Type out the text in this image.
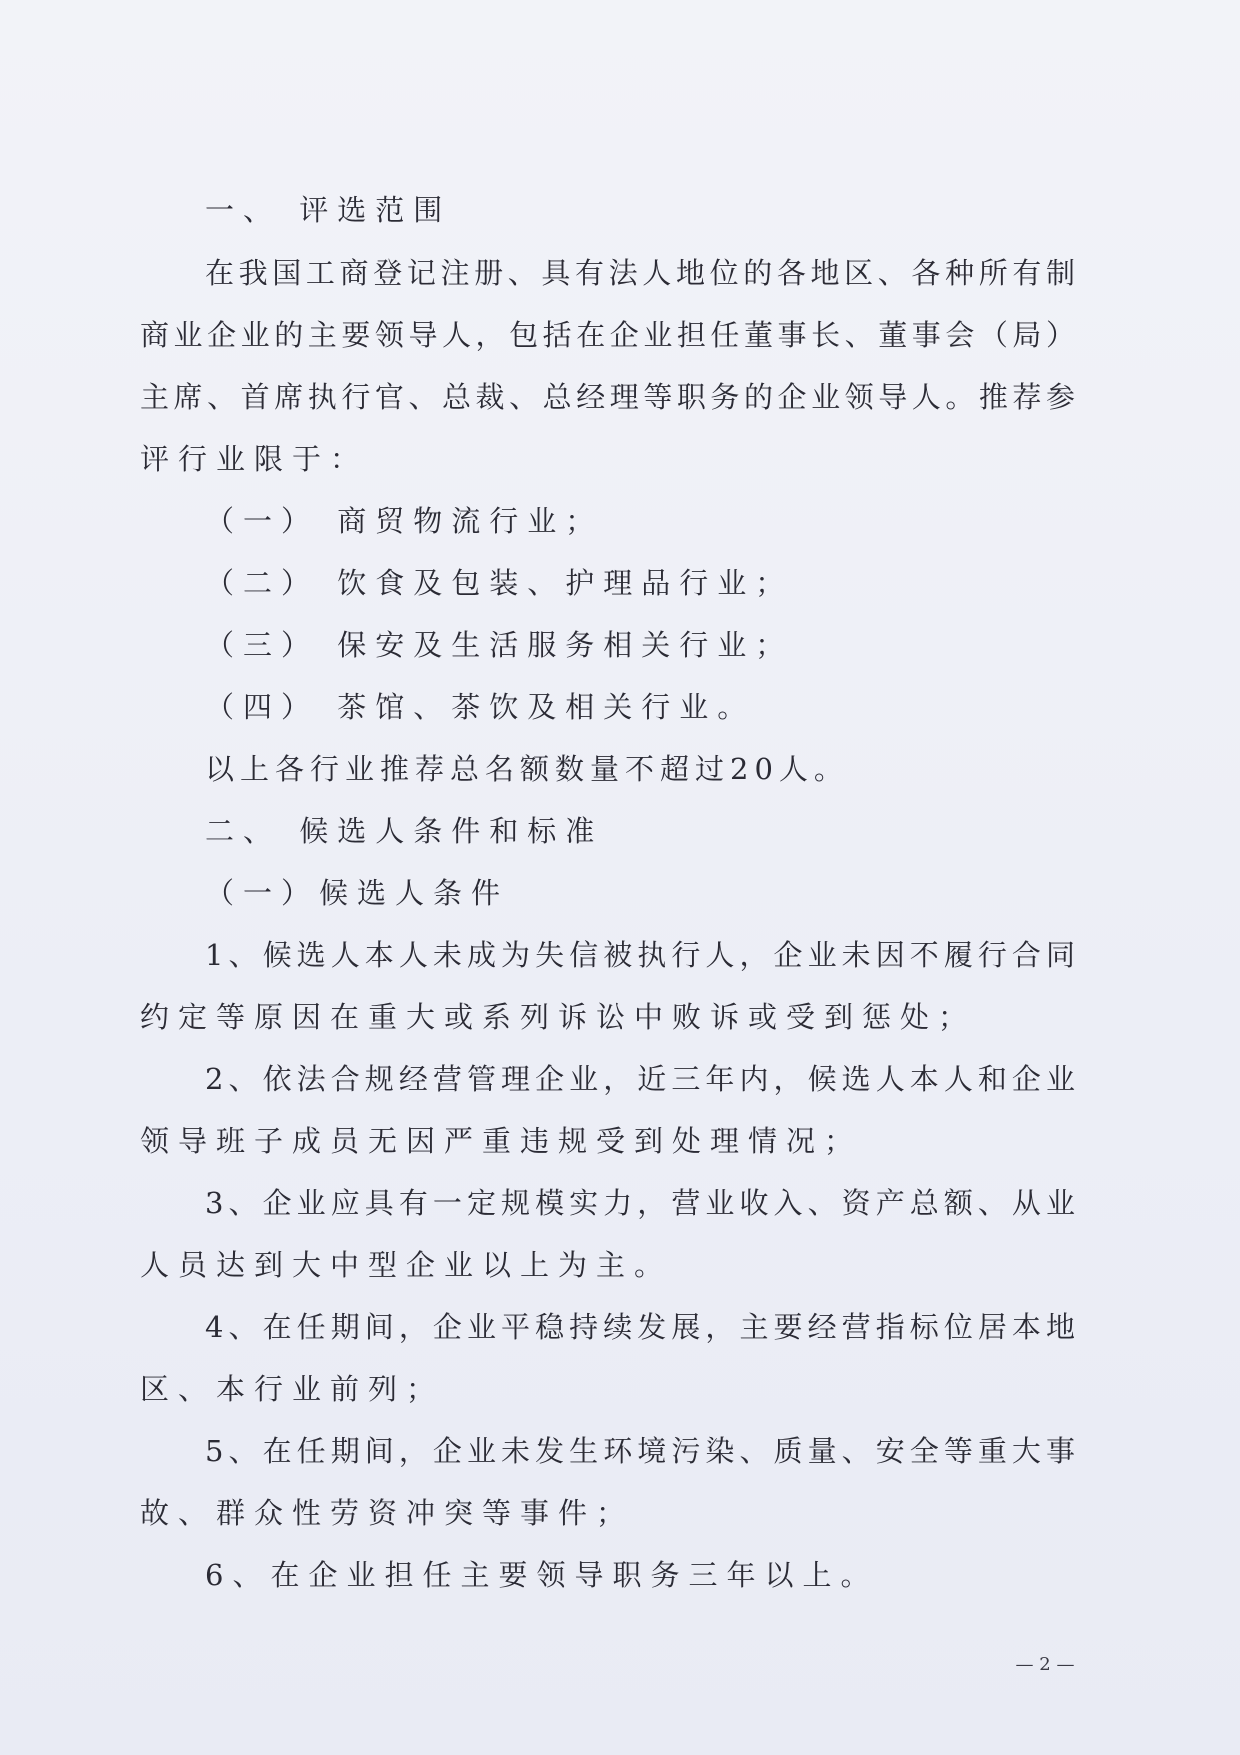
一、 评选范围
在我国工商登记注册、具有法人地位的各地区、各种所有制
商业企业的主要领导人，包括在企业担任董事长、董事会（局）
主席、首席执行官、总裁、总经理等职务的企业领导人。推荐参
评行业限于：
（一） 商贸物流行业；
（二） 饮食及包装、护理品行业；
（三） 保安及生活服务相关行业；
（四） 茶馆、茶饮及相关行业。
以上各行业推荐总名额数量不超过20人。
二、 候选人条件和标准
（一）候选人条件
1、候选人本人未成为失信被执行人，企业未因不履行合同
约定等原因在重大或系列诉讼中败诉或受到惩处；
2、依法合规经营管理企业，近三年内，候选人本人和企业
领导班子成员无因严重违规受到处理情况；
3、企业应具有一定规模实力，营业收入、资产总额、从业
人员达到大中型企业以上为主。
4、在任期间，企业平稳持续发展，主要经营指标位居本地
区、本行业前列；
5、在任期间，企业未发生环境污染、质量、安全等重大事
故、群众性劳资冲突等事件；
6、在企业担任主要领导职务三年以上。
— 2 —
